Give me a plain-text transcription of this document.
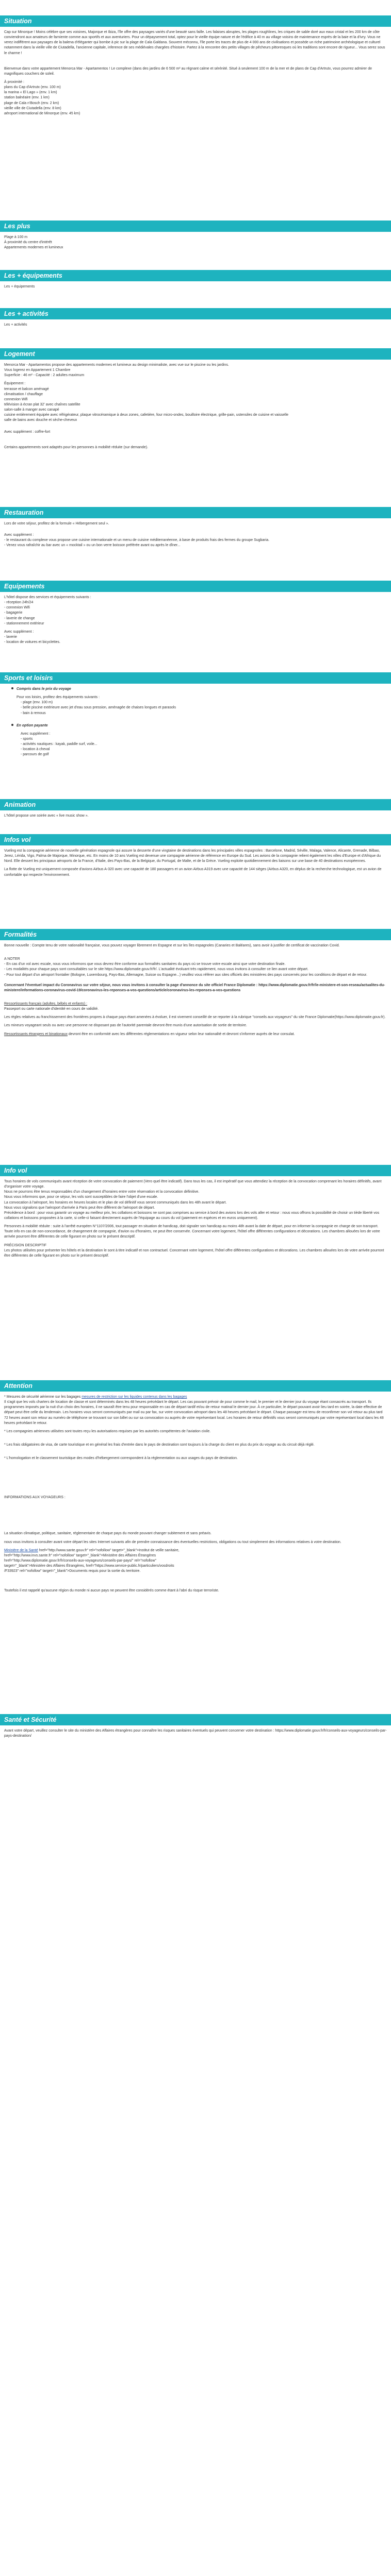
Situation

Cap sur Minorque ! Moins célèbre que ses voisines, Majorque et Ibiza, l'île offre des paysages variés d'une beauté sans faille. Les falaises abruptes, les plages roughlines, les criques de sable doré aux eaux cristal et les 200 km de côte conviendront aux amateurs de farniente comme aux sportifs et aux aventuriers. Pour un dépaysement total, optez pour le vieille équipe nature et de l'édifice à 40 m au village voisins de maintenance esprès de la baie et la d'ivry. Vous ne verez indifférent aux paysages de la balena d'éléganter qui bombe à pic sur la plage de Cala Galdana. Souvent méconnu, l'île porte les traces de plus de 4 000 ans de civilisations et possède un riche patrimoine archéologique et culturel notamment dans la vieille ville de Ciutadella, l'ancienne capitale, inference de ses médiévales chargées d'histoire. Partez à la rencontre des petits villages de pêcheurs pittoresques où les traditions sont encore de rigueur... Vous serez sous le charme !

Bienvenue dans votre appartement Menorca Mar - Apartamentos ! Le complexe (dans des jardins de 6 500 m² au régnant calme et sérénité. Situé à seulement 100 m de la mer et de plans de Cap d'Artrutx, vous pourrez admirer de magnifiques couchers de soleil.

À proximité :

plans du Cap d'Artrutx (env. 100 m)

la marina « El Lago » (env. 1 km)

station balnéaire (env. 1 km)

plage de Cala n'Bosch (env. 2 km)

vieille ville de Ciutadella (env. 8 km)

aéroport international de Minorque (env. 45 km)

Les plus

Plage à 100 m

À proximité du centre d'intérêt

Appartements modernes et lumineux

Les + équipements

Les + équipements

Les + activités

Les + activités

Logement

Menorca Mar - Apartamentos propose des appartements modernes et lumineux au design minimaliste, avec vue sur le piscine ou les jardins.

Vous logerez en Appartement 1 Chambre

Superficie : 46 m² - Capacité : 2 adultes maximum

Équipement :

terrasse et balcon aménagé

climatisation / chauffage

connexion Wifi

télévision à écran plat 32' avec chaînes satellite

salon-salle à manger avec canapé

cuisine entièrement équipée avec réfrigérateur, plaque vitrocéramique à deux zones, cafetière, four micro-ondes, bouilloire électrique, grille-pain, ustensiles de cuisine et vaisselle

salle de bains avec douche et sèche-cheveux

Avec supplément : coffre-fort

Certains appartements sont adaptés pour les personnes à mobilité réduite (sur demande).

Restauration

Lors de votre séjour, profitez de la formule « Hébergement seul ».

Avec supplément :

- le restaurant du complexe vous propose une cuisine internationale et un menu de cuisine méditerranéenne, à base de produits frais des fermes du groupe Sugbaria.

- Venez vous rafraîchir au bar avec un « mocktail » ou un bon verre boisson préférée avant ou après le dîner...

Equipements

L'hôtel dispose des services et équipements suivants :

- réception 24h/24

- connexion Wifi

- bagagerie

- laverie de change

- stationnement extérieur

Avec supplément :

- laverie

- location de voitures et bicyclettes.

Sports et loisirs

Compris dans le prix du voyage

Pour vos loisirs, profitez des équipements suivants :

- plage (env. 100 m)

- belle piscine extérieure avec jet d'eau sous pression, aménagée de chaises longues et parasols

- bain à remous

En option payante

Avec supplément :

- sports

- activités nautiques : kayak, paddle surf, voile...

- location à cheval

- parcours de golf

Animation

L'hôtel propose une soirée avec « live music show ».

Infos vol

Vueling est la compagnie aérienne de nouvelle génération espagnole qui assure la desserte d'une vingtaine de destinations dans les principales villes espagnoles : Barcelone, Madrid, Séville, Malaga, Valence, Alicante, Grenade, Bilbao, Jerez, Lérida, Vigo, Palma de Majorque, Minorque, etc. En moins de 10 ans Vueling est devenue une compagnie aérienne de référence en Europe du Sud. Les avions de la compagnie relient également les villes d'Europe et d'Afrique du Nord. Elle dessert les principaux aéroports de la France, d'Italie, des Pays-Bas, de la Belgique, du Portugal, de Malte, et de la Grèce. Vueling exploite quotidiennement des liaisons sur une base de 40 destinations européennes.

La flotte de Vueling est uniquement composée d'avions Airbus A-320 avec une capacité de 180 passagers et un avion Airbus A319 avec une capacité de 144 sièges (Airbus A320, en déplus de la recherche technologique, est un avion de confortable qui respecte l'environnement.

Formalités

Bonne nouvelle : Compte tenu de votre nationalité française, vous pouvez voyager librement en Espagne et sur les îles espagnoles (Canaries et Baléares), sans avoir à justifier de certificat de vaccination Covid.

A NOTER

- En cas d'un vol avec escale, nous vous informons que vous devrez être conforme aux formalités sanitaires du pays où se trouve votre escale ainsi que votre destination finale.

- Les modalités pour chaque pays sont consultables sur le site https://www.diplomatie.gouv.fr/fr/. L'actualité évoluant très rapidement, nous vous invitons à consulter ce lien avant votre départ.

- Pour tout départ d'un aéroport frontalier (Bologne, Luxembourg, Pays-Bas, Allemagne, Suisse ou Espagne...) veuillez vous référer aux sites officiels des ministères des pays concernés pour les conditions de départ et de retour.

Concernant l'éventuel impact du Coronavirus sur votre séjour, nous vous invitons à consulter la page d'annonce du site officiel France Diplomatie : https://www.diplomatie.gouv.fr/fr/le-ministere-et-son-reseau/actualites-du-ministere/informations-coronavirus-covid-19/coronavirus-les-reponses-a-vos-questions/article/coronavirus-les-reponses-a-vos-questions

Ressortissants français (adultes, bébés et enfants) :

Passeport ou carte nationale d'identité en cours de validité.

Les règles relatives au franchissement des frontières propres à chaque pays étant amenées à évoluer, il est vivement conseillé de se reporter à la rubrique "conseils aux voyageurs" du site France Diplomatie(https://www.diplomatie.gouv.fr).

Les mineurs voyageant seuls ou avec une personne ne disposant pas de l'autorité parentale devront être munis d'une autorisation de sortie de territoire.

Ressortissants étrangers et binationaux devront être en conformité avec les différentes réglementations en vigueur selon leur nationalité et devront s'informer auprès de leur consulat.

Info vol

Tous horaires de vols communiqués avant réception de votre convocation de paiement (Vero quel être indicatif). Dans tous les cas, il est impératif que vous attendiez la réception de la convocation comprenant les horaires définitifs, avant d'organiser votre voyage.

Nous ne pourrons être tenus responsables d'un changement d'horaires entre votre réservation et la convocation définitive.

Nous vous informons que, pour ce séjour, les vols sont susceptibles de faire l'objet d'une escale.

La convocation à l'aéroport, les horaires en heures locales et le plan de vol définitif vous seront communiqués dans les 48h avant le départ.

Nous vous signalons que l'aéroport d'arrivée à Paris peut être différent de l'aéroport de départ.

Précédence à bord : pour vous garantir un voyage au meilleur prix, les collations et boissons ne sont pas comprises au service à bord des avions lors des vols aller et retour : nous vous offrons la possibilité de choisir un tiède liberté vos collations et boissons proposées à la carte, si celle-ci faisant directement auprès de l'équipage au cours du vol (paiement en espèces et en euros uniquement).

Personnes à mobilité réduite : suite à l'arrêté européen N°1107/2006, tout passager en situation de handicap, doit signaler son handicap au moins 48h avant la date de départ, pour en informer la compagnie en charge de son transport. Toute info en cas de non-concordance, de changement de compagnie, d'avion ou d'horaires, ne peut être conservée. Concernant votre logement, l'hôtel offre différentes configurations et décorations. Les chambres allouées lors de votre arrivée pourront être différentes de celle figurant en photo sur le présent descriptif.

PRÉCISION DESCRIPTIF

Les photos utilisées pour présenter les hôtels et la destination le sont à titre indicatif et non contractuel. Concernant votre logement, l'hôtel offre différentes configurations et décorations. Les chambres allouées lors de votre arrivée pourront être différentes de celle figurant en photo sur le présent descriptif.

Attention

* Mesures de sécurité aérienne sur les bagages mesures de restriction sur les liquides contenus dans les bagages

Il s'agit que les vols charters de location de classe et sont déterminés dans les 48 heures précédant le départ. Les cas pouvant prévoir de pour comme le mail, le premier et le dernier jour du voyage étant consacrés au transport. Ils programmes imposés par la nuit d'un choix des horaires, il ne sauraît être tenu pour responsable en cas de départ tardif et/ou de retour matinal le dernier jour. À ce particulier, le départ pouvant avoir lieu tard en soirée, la date effective de départ peut être celle du lendemain. Les horaires vous seront communiqués par mail ou par fax, sur votre convocation aéroport dans les 48 heures précédant le départ. Chaque passager est tenu de reconfirmer son vol retour au plus tard 72 heures avant son retour au numéro de téléphone se trouvant sur son billet ou sur sa convocation ou auprès de votre représentant local. Les horaires de retour définitifs vous seront communiqués par votre représentant local dans les 48 heures précédant le retour.

* Les compagnies aériennes utilisées sont toutes reçu les autorisations requises par les autorités compétentes de l'aviation civile.

* Les frais obligatoires de visa, de carte touristique et en général les frais d'entrée dans le pays de destination sont toujours à la charge du client en plus du prix du voyage au du circuit déjà réglé.

* L'homologation et le classement touristique des modes d'hébergement correspondent à la réglementation ou aux usages du pays de destination.

INFORMATIONS AUX VOYAGEURS :

La situation climatique, politique, sanitaire, réglementaire de chaque pays du monde pouvant changer subitement et sans préavis.

nous vous invitons à consulter avant votre départ les sites Internet suivants afin de prendre connaissance des éventuelles restrictions, obligations ou tout simplement des informations relatives à votre destination.

Ministère de la Santé href="http://www.sante.gouv.fr" rel="nofollow" target="_blank">Institut de veille sanitaire,

href="http://www.invs.sante.fr" rel="nofollow" target="_blank">Ministère des Affaires Étrangères

href="http://www.diplomatie.gouv.fr/fr/conseils-aux-voyageurs/conseils-par-pays/" rel="nofollow"

target="_blank">Ministère des Affaires Étrangères, href="https://www.service-public.fr/particuliers/vosdroits

/F33923" rel="nofollow" target="_blank">Documents requis pour la sortie du territoire.

Toutefois il est rappelé qu'aucune région du monde ni aucun pays ne peuvent être considérés comme étant à l'abri du risque terroriste.

Santé et Sécurité

Avant votre départ, veuillez consulter le site du ministère des Affaires étrangères pour connaître les risques sanitaires éventuels qui peuvent concerner votre destination : https://www.diplomatie.gouv.fr/fr/conseils-aux-voyageurs/conseils-par-pays-destination/
